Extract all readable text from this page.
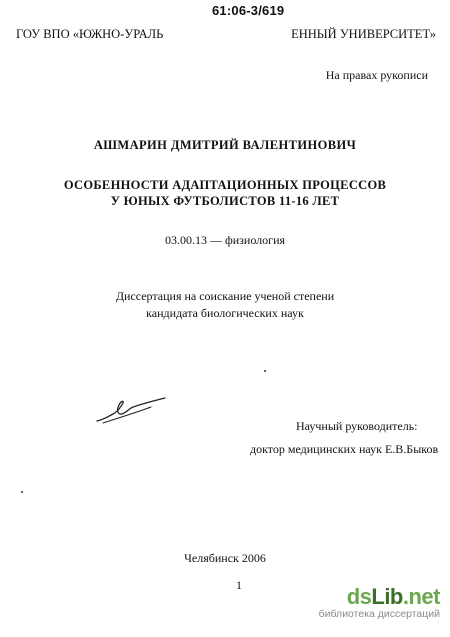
61:06-3/619
ГОУ ВПО «ЮЖНО-УРАЛЬ	ЕННЫЙ УНИВЕРСИТЕТ»
На правах рукописи
АШМАРИН ДМИТРИЙ ВАЛЕНТИНОВИЧ
ОСОБЕННОСТИ АДАПТАЦИОННЫХ ПРОЦЕССОВ
У ЮНЫХ ФУТБОЛИСТОВ 11-16 ЛЕТ
03.00.13 — физиология
Диссертация на соискание ученой степени
кандидата биологических наук
Научный руководитель:
доктор медицинских наук Е.В.Быков
Челябинск 2006
1	dsLib.net
библиотека диссертаций
